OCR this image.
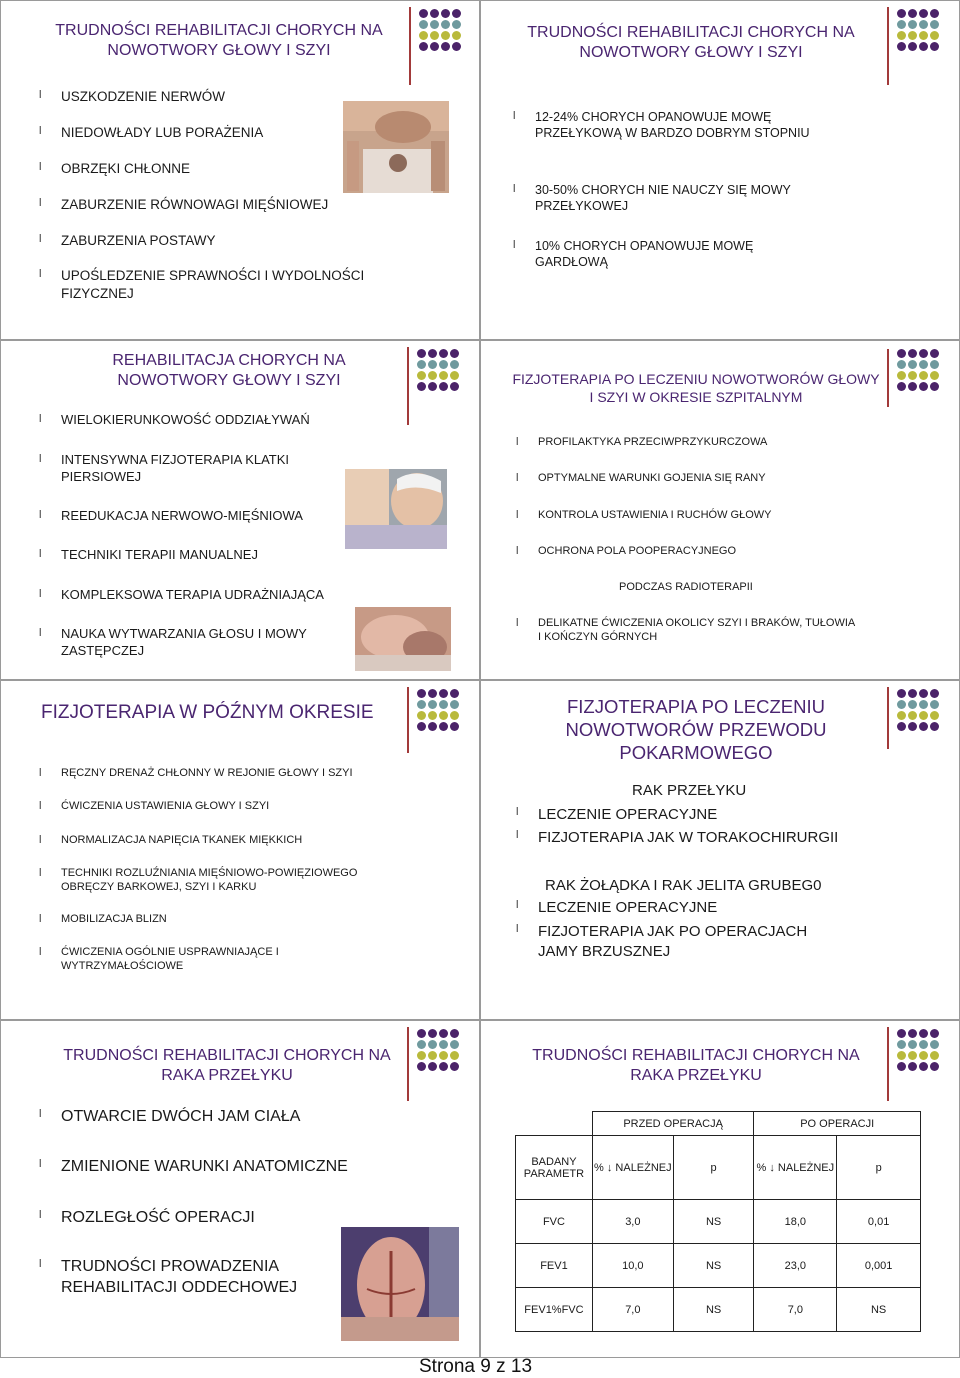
TRUDNOŚCI REHABILITACJI CHORYCH NA NOWOTWORY GŁOWY I SZYI
l USZKODZENIE NERWÓW
l NIEDOWŁADY LUB PORAŻENIA
l OBRZĘKI CHŁONNE
l ZABURZENIE RÓWNOWAGI MIĘŚNIOWEJ
l ZABURZENIA POSTAWY
l UPOŚLEDZENIE SPRAWNOŚCI I WYDOLNOŚCI FIZYCZNEJ
TRUDNOŚCI REHABILITACJI CHORYCH NA NOWOTWORY GŁOWY I SZYI
l 12-24% CHORYCH OPANOWUJE MOWĘ PRZEŁYKOWĄ W BARDZO DOBRYM STOPNIU
l 30-50% CHORYCH NIE NAUCZY SIĘ MOWY PRZEŁYKOWEJ
l 10% CHORYCH OPANOWUJE MOWĘ GARDŁOWĄ
REHABILITACJA CHORYCH NA NOWOTWORY GŁOWY I SZYI
l WIELOKIERUNKOWOŚĆ ODDZIAŁYWAŃ
l INTENSYWNA FIZJOTERAPIA KLATKI PIERSIOWEJ
l REEDUKACJA NERWOWO-MIĘŚNIOWA
l TECHNIKI TERAPII MANUALNEJ
l KOMPLEKSOWA TERAPIA UDRAŻNIAJĄCA
l NAUKA WYTWARZANIA GŁOSU I MOWY ZASTĘPCZEJ
FIZJOTERAPIA PO LECZENIU NOWOTWORÓW GŁOWY I SZYI W OKRESIE SZPITALNYM
l PROFILAKTYKA PRZECIWPRZYKURCZOWA
l OPTYMALNE WARUNKI GOJENIA SIĘ RANY
l KONTROLA USTAWIENIA I RUCHÓW GŁOWY
l OCHRONA POLA POOPERACYJNEGO
PODCZAS RADIOTERAPII
l DELIKATNE ĆWICZENIA OKOLICY SZYI I BRAKÓW, TUŁOWIA I KOŃCZYN GÓRNYCH
FIZJOTERAPIA W PÓŹNYM OKRESIE
l RĘCZNY DRENAŻ CHŁONNY W REJONIE GŁOWY I SZYI
l ĆWICZENIA USTAWIENIA GŁOWY I SZYI
l NORMALIZACJA NAPIĘCIA TKANEK MIĘKKICH
l TECHNIKI ROZLUŹNIANIA MIĘŚNIOWO-POWIĘZIOWEGO OBRĘCZY BARKOWEJ, SZYI I KARKU
l MOBILIZACJA BLIZN
l ĆWICZENIA OGÓLNIE USPRAWNIAJĄCE I WYTRZYMAŁOŚCIOWE
FIZJOTERAPIA PO LECZENIU NOWOTWORÓW PRZEWODU POKARMOWEGO
RAK PRZEŁYKU
l LECZENIE OPERACYJNE
l FIZJOTERAPIA JAK W TORAKOCHIRURGII
RAK ŻOŁĄDKA I RAK JELITA GRUBEG0
l LECZENIE OPERACYJNE
l FIZJOTERAPIA JAK PO OPERACJACH JAMY BRZUSZNEJ
TRUDNOŚCI REHABILITACJI CHORYCH NA RAKA PRZEŁYKU
l OTWARCIE DWÓCH JAM CIAŁA
l ZMIENIONE WARUNKI ANATOMICZNE
l ROZLEGŁOŚĆ OPERACJI
l TRUDNOŚCI PROWADZENIA REHABILITACJI ODDECHOWEJ
TRUDNOŚCI REHABILITACJI CHORYCH NA RAKA PRZEŁYKU
	PRZED OPERACJĄ		PO OPERACJI	
BADANY PARAMETR	% ↓ NALEŻNEJ	p	% ↓ NALEŻNEJ	p
FVC	3,0	NS	18,0	0,01
FEV1	10,0	NS	23,0	0,001
FEV1%FVC	7,0	NS	7,0	NS
Strona 9 z 13
